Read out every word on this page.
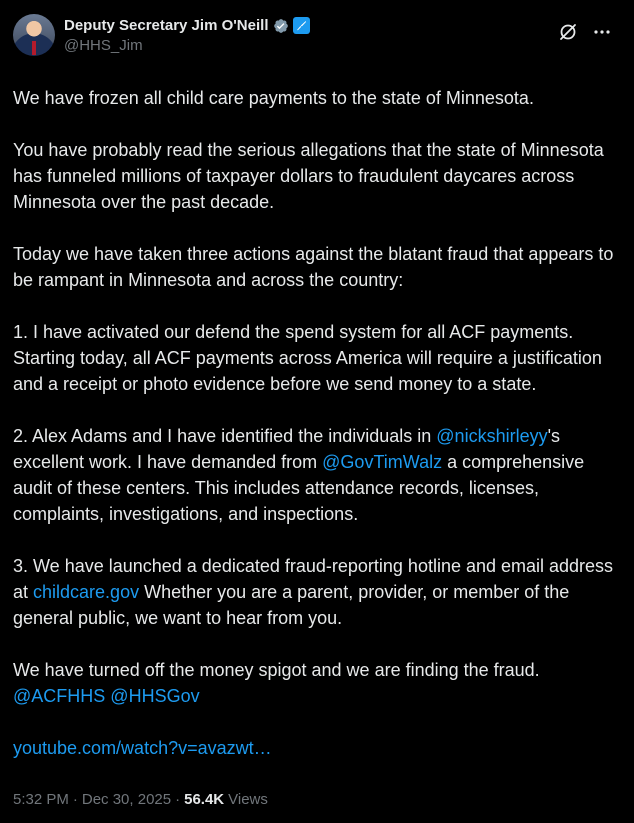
Deputy Secretary Jim O'Neill
@HHS_Jim

We have frozen all child care payments to the state of Minnesota.

You have probably read the serious allegations that the state of Minnesota has funneled millions of taxpayer dollars to fraudulent daycares across Minnesota over the past decade.

Today we have taken three actions against the blatant fraud that appears to be rampant in Minnesota and across the country:

1. I have activated our defend the spend system for all ACF payments. Starting today, all ACF payments across America will require a justification and a receipt or photo evidence before we send money to a state.

2. Alex Adams and I have identified the individuals in @nickshirleyy's excellent work. I have demanded from @GovTimWalz a comprehensive audit of these centers. This includes attendance records, licenses, complaints, investigations, and inspections.

3. We have launched a dedicated fraud-reporting hotline and email address at childcare.gov Whether you are a parent, provider, or member of the general public, we want to hear from you.

We have turned off the money spigot and we are finding the fraud.
@ACFHHS @HHSGov

youtube.com/watch?v=avazwt…
5:32 PM · Dec 30, 2025 · 56.4K Views
